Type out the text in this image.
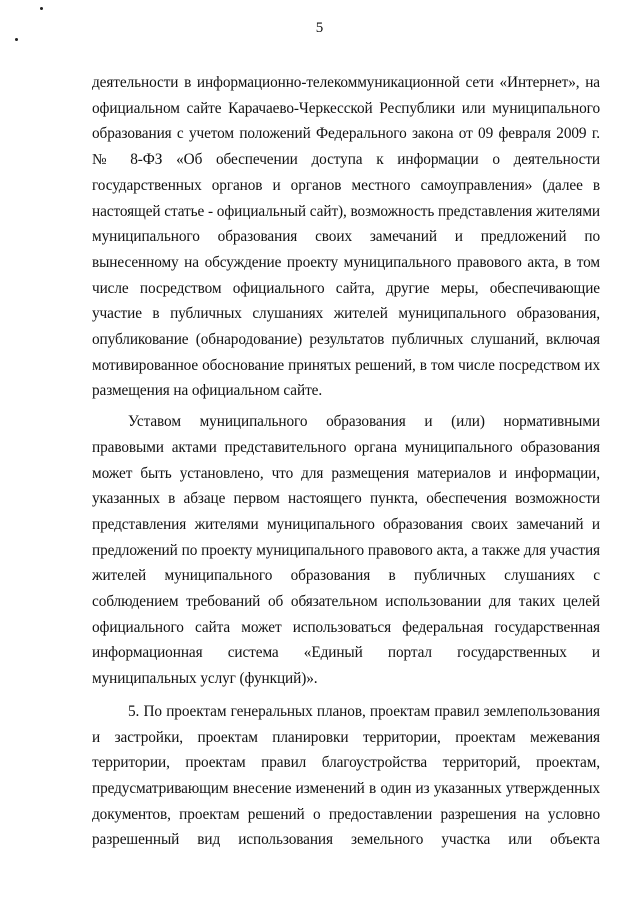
5

деятельности в информационно-телекоммуникационной сети «Интернет», на официальном сайте Карачаево-Черкесской Республики или муниципального образования с учетом положений Федерального закона от 09 февраля 2009 г. № 8-ФЗ «Об обеспечении доступа к информации о деятельности государственных органов и органов местного самоуправления» (далее в настоящей статье - официальный сайт), возможность представления жителями муниципального образования своих замечаний и предложений по вынесенному на обсуждение проекту муниципального правового акта, в том числе посредством официального сайта, другие меры, обеспечивающие участие в публичных слушаниях жителей муниципального образования, опубликование (обнародование) результатов публичных слушаний, включая мотивированное обоснование принятых решений, в том числе посредством их размещения на официальном сайте.

Уставом муниципального образования и (или) нормативными правовыми актами представительного органа муниципального образования может быть установлено, что для размещения материалов и информации, указанных в абзаце первом настоящего пункта, обеспечения возможности представления жителями муниципального образования своих замечаний и предложений по проекту муниципального правового акта, а также для участия жителей муниципального образования в публичных слушаниях с соблюдением требований об обязательном использовании для таких целей официального сайта может использоваться федеральная государственная информационная система «Единый портал государственных и муниципальных услуг (функций)».

5. По проектам генеральных планов, проектам правил землепользования и застройки, проектам планировки территории, проектам межевания территории, проектам правил благоустройства территорий, проектам, предусматривающим внесение изменений в один из указанных утвержденных документов, проектам решений о предоставлении разрешения на условно разрешенный вид использования земельного участка или объекта
